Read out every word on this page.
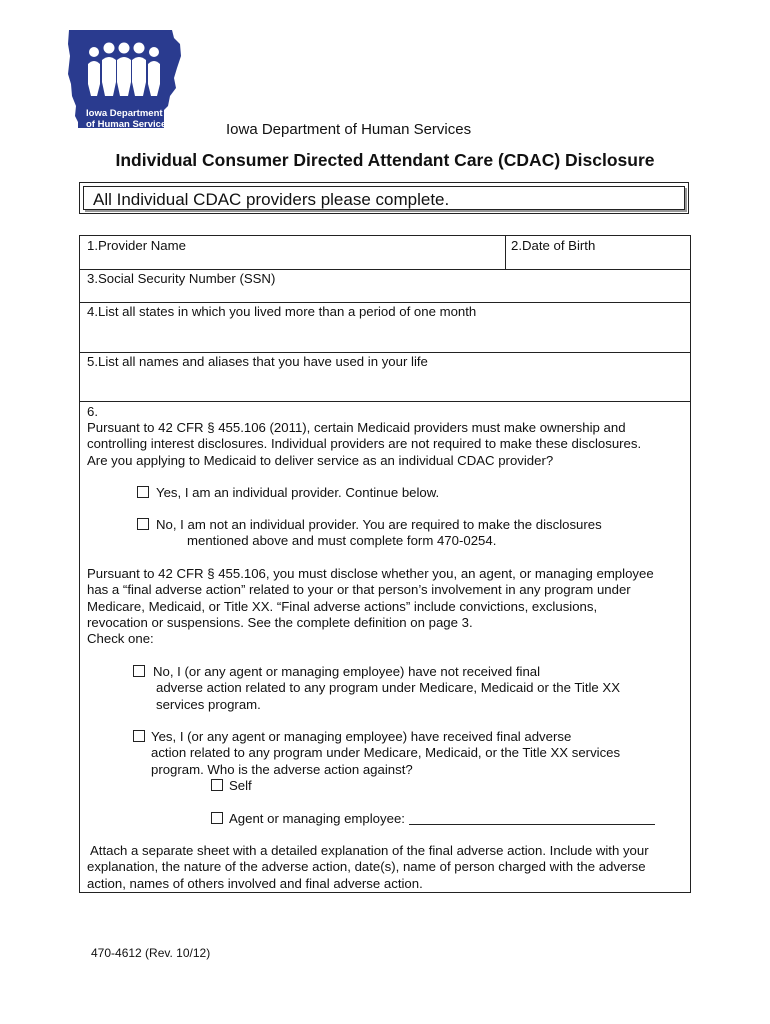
Iowa Department
of Human Services	Iowa Department of Human Services
Individual Consumer Directed Attendant Care (CDAC) Disclosure
All Individual CDAC providers please complete.
1.Provider Name	2.Date of Birth
3.Social Security Number (SSN)
4.List all states in which you lived more than a period of one month
5.List all names and aliases that you have used in your life
6.
Pursuant to 42 CFR § 455.106 (2011), certain Medicaid providers must make ownership and
controlling interest disclosures. Individual providers are not required to make these disclosures.
Are you applying to Medicaid to deliver service as an individual CDAC provider?
Yes, I am an individual provider. Continue below.
No, I am not an individual provider. You are required to make the disclosures
mentioned above and must complete form 470-0254.
Pursuant to 42 CFR § 455.106, you must disclose whether you, an agent, or managing employee
has a “final adverse action” related to your or that person’s involvement in any program under
Medicare, Medicaid, or Title XX. “Final adverse actions” include convictions, exclusions,
revocation or suspensions. See the complete definition on page 3.
Check one:
No, I (or any agent or managing employee) have not received final
adverse action related to any program under Medicare, Medicaid or the Title XX
services program.
Yes, I (or any agent or managing employee) have received final adverse
action related to any program under Medicare, Medicaid, or the Title XX services
program. Who is the adverse action against?
Self
Agent or managing employee:
Attach a separate sheet with a detailed explanation of the final adverse action. Include with your
explanation, the nature of the adverse action, date(s), name of person charged with the adverse
action, names of others involved and final adverse action.
470-4612 (Rev. 10/12)
